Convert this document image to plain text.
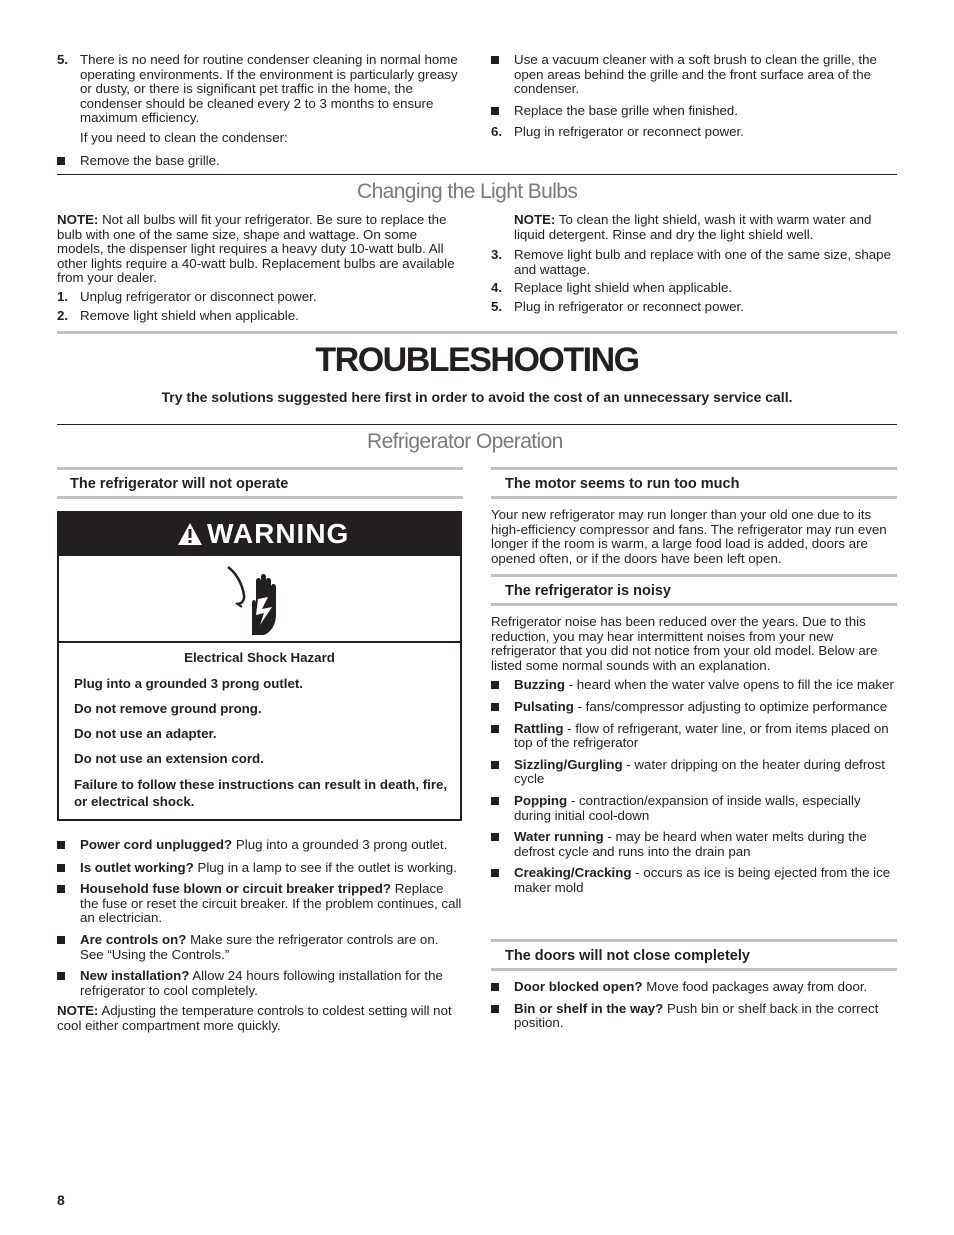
5. There is no need for routine condenser cleaning in normal home operating environments. If the environment is particularly greasy or dusty, or there is significant pet traffic in the home, the condenser should be cleaned every 2 to 3 months to ensure maximum efficiency.
If you need to clean the condenser:
Remove the base grille.
Use a vacuum cleaner with a soft brush to clean the grille, the open areas behind the grille and the front surface area of the condenser.
Replace the base grille when finished.
6. Plug in refrigerator or reconnect power.
Changing the Light Bulbs
NOTE: Not all bulbs will fit your refrigerator. Be sure to replace the bulb with one of the same size, shape and wattage. On some models, the dispenser light requires a heavy duty 10-watt bulb. All other lights require a 40-watt bulb. Replacement bulbs are available from your dealer.
1. Unplug refrigerator or disconnect power.
2. Remove light shield when applicable.
NOTE: To clean the light shield, wash it with warm water and liquid detergent. Rinse and dry the light shield well.
3. Remove light bulb and replace with one of the same size, shape and wattage.
4. Replace light shield when applicable.
5. Plug in refrigerator or reconnect power.
TROUBLESHOOTING
Try the solutions suggested here first in order to avoid the cost of an unnecessary service call.
Refrigerator Operation
The refrigerator will not operate
WARNING
Electrical Shock Hazard
Plug into a grounded 3 prong outlet.
Do not remove ground prong.
Do not use an adapter.
Do not use an extension cord.
Failure to follow these instructions can result in death, fire, or electrical shock.
Power cord unplugged? Plug into a grounded 3 prong outlet.
Is outlet working? Plug in a lamp to see if the outlet is working.
Household fuse blown or circuit breaker tripped? Replace the fuse or reset the circuit breaker. If the problem continues, call an electrician.
Are controls on? Make sure the refrigerator controls are on. See “Using the Controls.”
New installation? Allow 24 hours following installation for the refrigerator to cool completely.
NOTE: Adjusting the temperature controls to coldest setting will not cool either compartment more quickly.
The motor seems to run too much
Your new refrigerator may run longer than your old one due to its high-efficiency compressor and fans. The refrigerator may run even longer if the room is warm, a large food load is added, doors are opened often, or if the doors have been left open.
The refrigerator is noisy
Refrigerator noise has been reduced over the years. Due to this reduction, you may hear intermittent noises from your new refrigerator that you did not notice from your old model. Below are listed some normal sounds with an explanation.
Buzzing - heard when the water valve opens to fill the ice maker
Pulsating - fans/compressor adjusting to optimize performance
Rattling - flow of refrigerant, water line, or from items placed on top of the refrigerator
Sizzling/Gurgling - water dripping on the heater during defrost cycle
Popping - contraction/expansion of inside walls, especially during initial cool-down
Water running - may be heard when water melts during the defrost cycle and runs into the drain pan
Creaking/Cracking - occurs as ice is being ejected from the ice maker mold
The doors will not close completely
Door blocked open? Move food packages away from door.
Bin or shelf in the way? Push bin or shelf back in the correct position.
8
